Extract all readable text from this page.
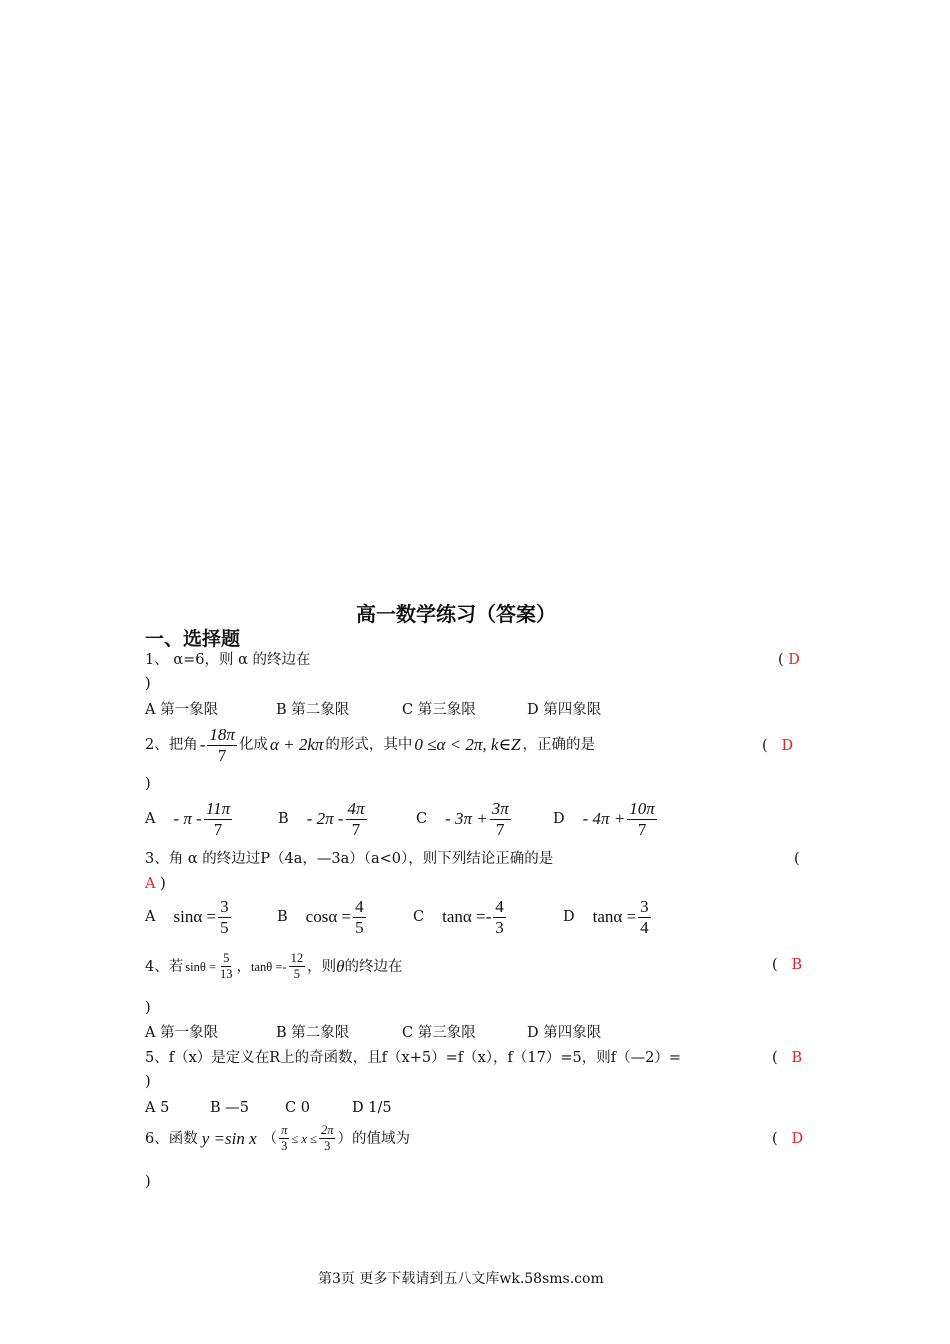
高一数学练习（答案）
一、选择题
1、 α=6，则 α 的终边在	( D
)
A 第一象限	B 第二象限	C 第三象限	D 第四象限
2、把角 - $\frac{18\pi}{7}$ 化成 α + 2kπ 的形式，其中 0 ≤α < 2π, k∈Z ，正确的是	(   D
)
A - π - $\frac{11\pi}{7}$	B - $2\pi - \frac{4\pi}{7}$	$C - 3\pi + \frac{3\pi}{7}$	$D - 4\pi + \frac{10\pi}{7}$
3、角 α 的终边过P（4a，—3a）（a<0），则下列结论正确的是	(
A )
A $\sin\alpha = \frac{3}{5}$	B $\cos\alpha = \frac{4}{5}$	C $\tan\alpha =- \frac{4}{3}$	D $\tan\alpha = \frac{3}{4}$
4、若 $\sin\theta = \frac{5}{13}$ ， $\tan\theta =- \frac{12}{5}$ ，则 θ 的终边在	(   B
)
A 第一象限	B 第二象限	C 第三象限	D 第四象限
5、f（x）是定义在R上的奇函数，且f（x+5）=f（x），f（17）=5，则f（—2）=	(   B
)
A 5	B —5 C 0	D 1/5
6、函数 y =sin x （ $\frac{\pi}{3} \le x \le \frac{2\pi}{3}$ ） 的值域为	(   D
)
第3页 更多下载请到五八文库wk.58sms.com
